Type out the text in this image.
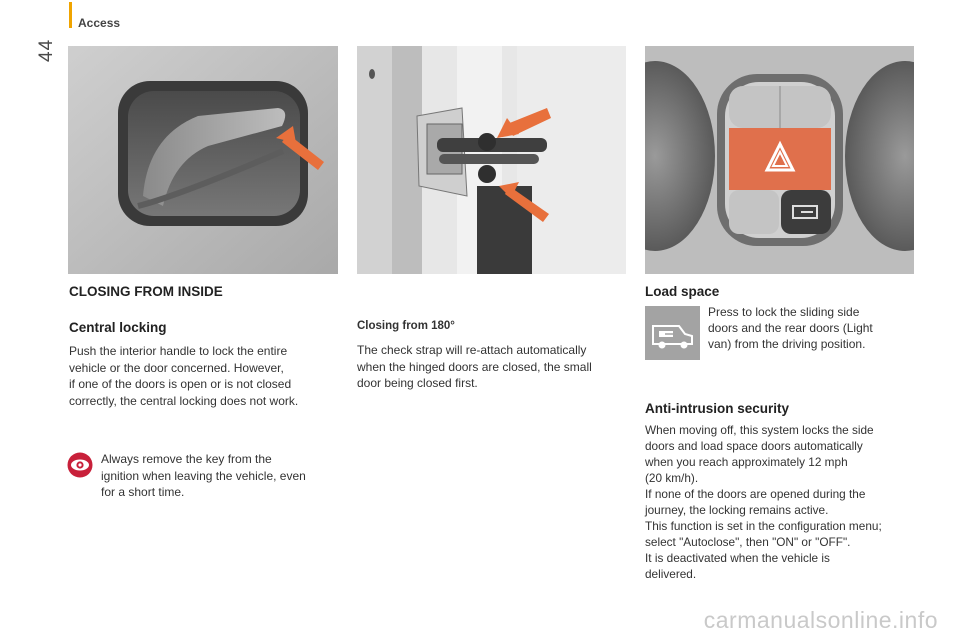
44
Access
CLOSING FROM INSIDE
Central locking

Push the interior handle to lock the entire
vehicle or the door concerned. However,
if one of the doors is open or is not closed
correctly, the central locking does not work.

Always remove the key from the
ignition when leaving the vehicle, even
for a short time.

Closing from 180°

The check strap will re-attach automatically
when the hinged doors are closed, the small
door being closed first.

Load space

Press to lock the sliding side
doors and the rear doors (Light
van) from the driving position.

Anti-intrusion security

When moving off, this system locks the side
doors and load space doors automatically
when you reach approximately 12 mph
(20 km/h).
If none of the doors are opened during the
journey, the locking remains active.
This function is set in the configuration menu;
select "Autoclose", then "ON" or "OFF".
It is deactivated when the vehicle is
delivered.

carmanualsonline.info
